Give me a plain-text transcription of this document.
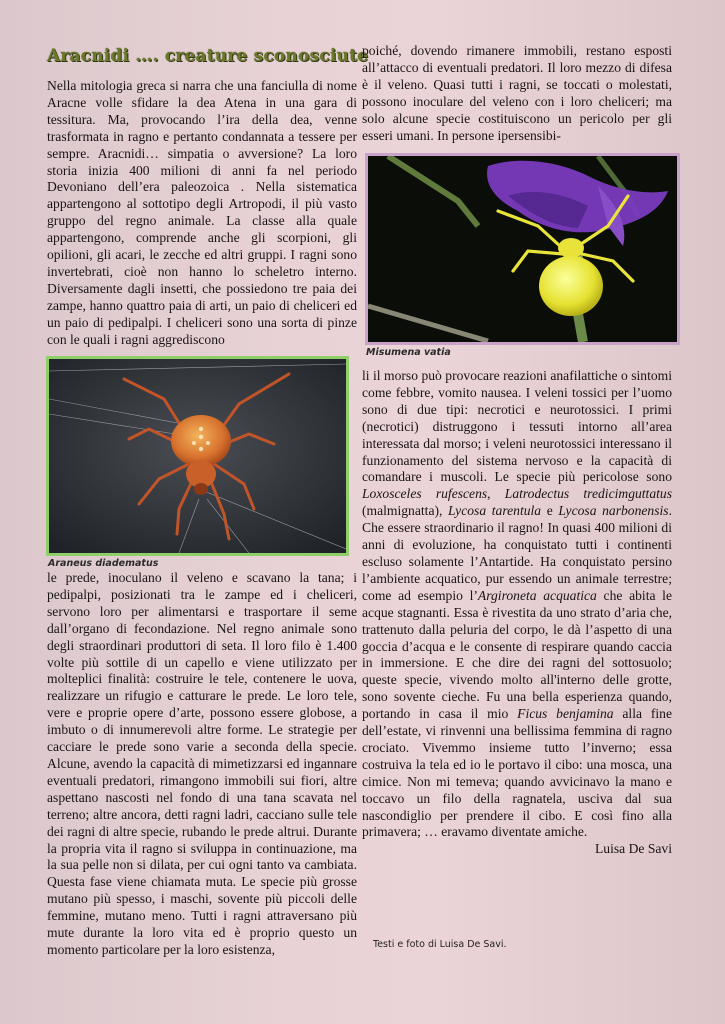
Aracnidi …. creature sconosciute

Nella mitologia greca si narra che una fanciulla di nome Aracne volle sfidare la dea Atena in una gara di tessitura. Ma, provocando l’ira della dea, venne trasformata in ragno e pertanto condannata a tessere per sempre. Aracnidi… simpatia o avversione? La loro storia inizia 400 milioni di anni fa nel periodo Devoniano dell’era paleozoica . Nella sistematica appartengono al sottotipo degli Artropodi, il più vasto gruppo del regno animale. La classe alla quale appartengono, comprende anche gli scorpioni, gli opilioni, gli acari, le zecche ed altri gruppi. I ragni sono invertebrati, cioè non hanno lo scheletro interno. Diversamente dagli insetti, che possiedono tre paia dei zampe, hanno quattro paia di arti, un paio di cheliceri ed un paio di pedipalpi. I cheliceri sono una sorta di pinze con le quali i ragni aggrediscono

Araneus diadematus

le prede, inoculano il veleno e scavano la tana; i pedipalpi, posizionati tra le zampe ed i cheliceri, servono loro per alimentarsi e trasportare il seme dall’organo di fecondazione. Nel regno animale sono degli straordinari produttori di seta. Il loro filo è 1.400 volte più sottile di un capello e viene utilizzato per molteplici finalità: costruire le tele, contenere le uova, realizzare un rifugio e catturare le prede. Le loro tele, vere e proprie opere d’arte, possono essere globose, a imbuto o di innumerevoli altre forme. Le strategie per cacciare le prede sono varie a seconda della specie. Alcune, avendo la capacità di mimetizzarsi ed ingannare eventuali predatori, rimangono immobili sui fiori, altre aspettano nascosti nel fondo di una tana scavata nel terreno; altre ancora, detti ragni ladri, cacciano sulle tele dei ragni di altre specie, rubando le prede altrui. Durante la propria vita il ragno si sviluppa in continuazione, ma la sua pelle non si dilata, per cui ogni tanto va cambiata. Questa fase viene chiamata muta. Le specie più grosse mutano più spesso, i maschi, sovente più piccoli delle femmine, mutano meno. Tutti i ragni attraversano più mute durante la loro vita ed è proprio questo un momento particolare per la loro esistenza,

poiché, dovendo rimanere immobili, restano esposti all’attacco di eventuali predatori. Il loro mezzo di difesa è il veleno. Quasi tutti i ragni, se toccati o molestati, possono inoculare del veleno con i loro cheliceri; ma solo alcune specie costituiscono un pericolo per gli esseri umani. In persone ipersensibi-

Misumena vatia

li il morso può provocare reazioni anafilattiche o sintomi come febbre, vomito nausea. I veleni tossici per l’uomo sono di due tipi: necrotici e neurotossici. I primi (necrotici) distruggono i tessuti intorno all’area interessata dal morso; i veleni neurotossici interessano il funzionamento del sistema nervoso e la capacità di comandare i muscoli. Le specie più pericolose sono Loxosceles rufescens, Latrodectus tredicimguttatus (malmignatta), Lycosa tarentula e Lycosa narbonensis. Che essere straordinario il ragno! In quasi 400 milioni di anni di evoluzione, ha conquistato tutti i continenti escluso solamente l’Antartide. Ha conquistato persino l’ambiente acquatico, pur essendo un animale terrestre; come ad esempio l’Argironeta acquatica che abita le acque stagnanti. Essa è rivestita da uno strato d’aria che, trattenuto dalla peluria del corpo, le dà l’aspetto di una goccia d’acqua e le consente di respirare quando caccia in immersione. E che dire dei ragni del sottosuolo; queste specie, vivendo molto all'interno delle grotte, sono sovente cieche. Fu una bella esperienza quando, portando in casa il mio Ficus benjamina alla fine dell’estate, vi rinvenni una bellissima femmina di ragno crociato. Vivemmo insieme tutto l’inverno; essa costruiva la tela ed io le portavo il cibo: una mosca, una cimice. Non mi temeva; quando avvicinavo la mano e toccavo un filo della ragnatela, usciva dal sua nascondiglio per prendere il cibo. E così fino alla primavera; … eravamo diventate amiche.

Luisa De Savi

Testi e foto di Luisa De Savi.
